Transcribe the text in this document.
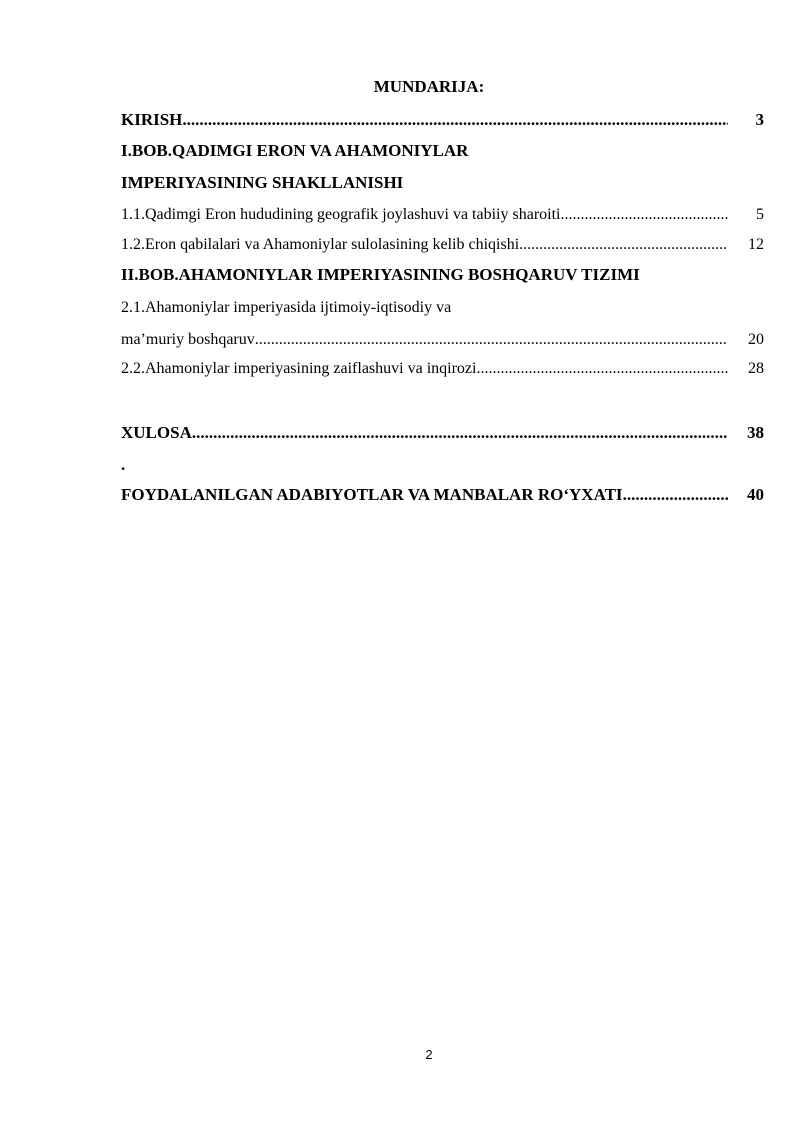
MUNDARIJA:
KIRISH .....	3
I.BOB.QADIMGI ERON VA AHAMONIYLAR
IMPERIYASINING SHAKLLANISHI
1.1.Qadimgi Eron hududining geografik joylashuvi va tabiiy sharoiti .....	5
1.2.Eron qabilalari va Ahamoniylar sulolasining kelib chiqishi .....	12
II.BOB.AHAMONIYLAR IMPERIYASINING BOSHQARUV TIZIMI
2.1.Ahamoniylar imperiyasida ijtimoiy-iqtisodiy va
ma’muriy boshqaruv .....	20
2.2.Ahamoniylar imperiyasining zaiflashuvi va inqirozi .....	28
XULOSA .....	38
.
FOYDALANILGAN ADABIYOTLAR VA MANBALAR RO‘YXATI .....	40
2
